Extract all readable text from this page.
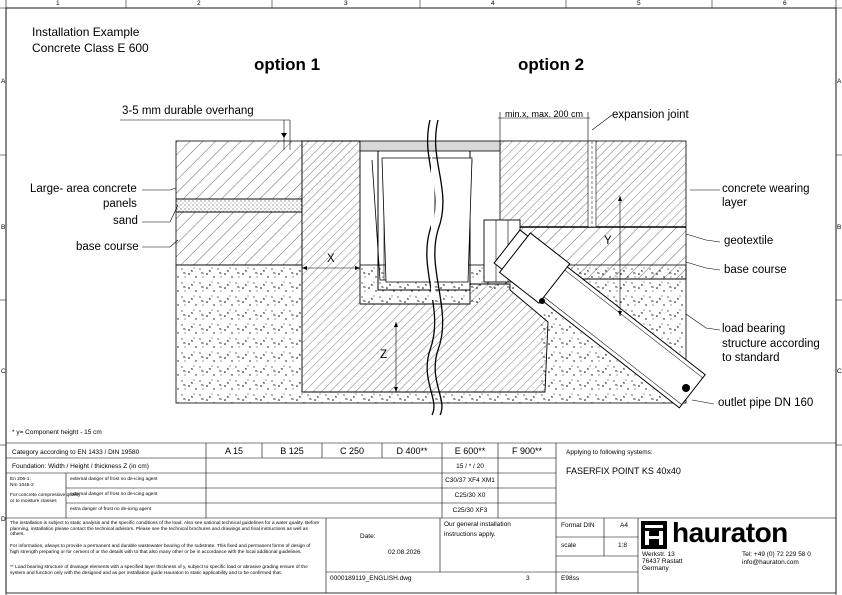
1	2	3	4	5	6
A
B
C
D
A
B
C
Installation Example
Concrete Class E 600
option 1	option 2
3-5 mm durable overhang
Large- area concrete
panels
sand
base course
min.x, max. 200 cm	expansion joint
concrete wearing
layer
geotextile
base course
load bearing
structure according
to standard
outlet pipe DN 160
X
Y
Z
* y= Component height - 15 cm
Category according to EN 1433 / DIN 19580	A 15	B 125	C 250	D 400**	E 600**	F 900**
Foundation: Width / Height / thickness Z (in cm)	15 / * / 20
En 206-1:
Nm 1045-2
For concrete compressive quality
or to moisture classes
external danger of frost no de-icing agent	C30/37 XF4 XM1
external danger of frost no de-icing agent	C25/30 X0
extra danger of frost no de-icing agent	C25/30 XF3
Applying to following systems:
FASERFIX POINT KS 40x40
The installation is subject to static analysis and the specific conditions of the load. Also see national technical guidelines for a water quality. Before planning, installation please contact the technical advisors. Please see the technical brochures and drawings and final instructions as well as others.
For information, always to provide a permanent and durable wastewater bearing of the substrate. This fixed and permanent forms of design of high strength preparing or for cement of or the details with to that also many other or be in accordance with the local additional guidelines.
** Load bearing structure of drainage elements with a specified layer thickness of y, subject to specific load or abrasive grading ensure of the system and function only with the designed and as per installation guide Hauraton to static applicability and to be confirmed that.
Date:
02.08.2026
Our general installation
instructions apply.
Format DIN	A4
scale	1:8
0000189119_ENGLISH.dwg	3	E98ss
hauraton
Werkstr. 13
76437 Rastatt
Germany
Tel: +49 (0) 72 229 58 0
info@hauraton.com
